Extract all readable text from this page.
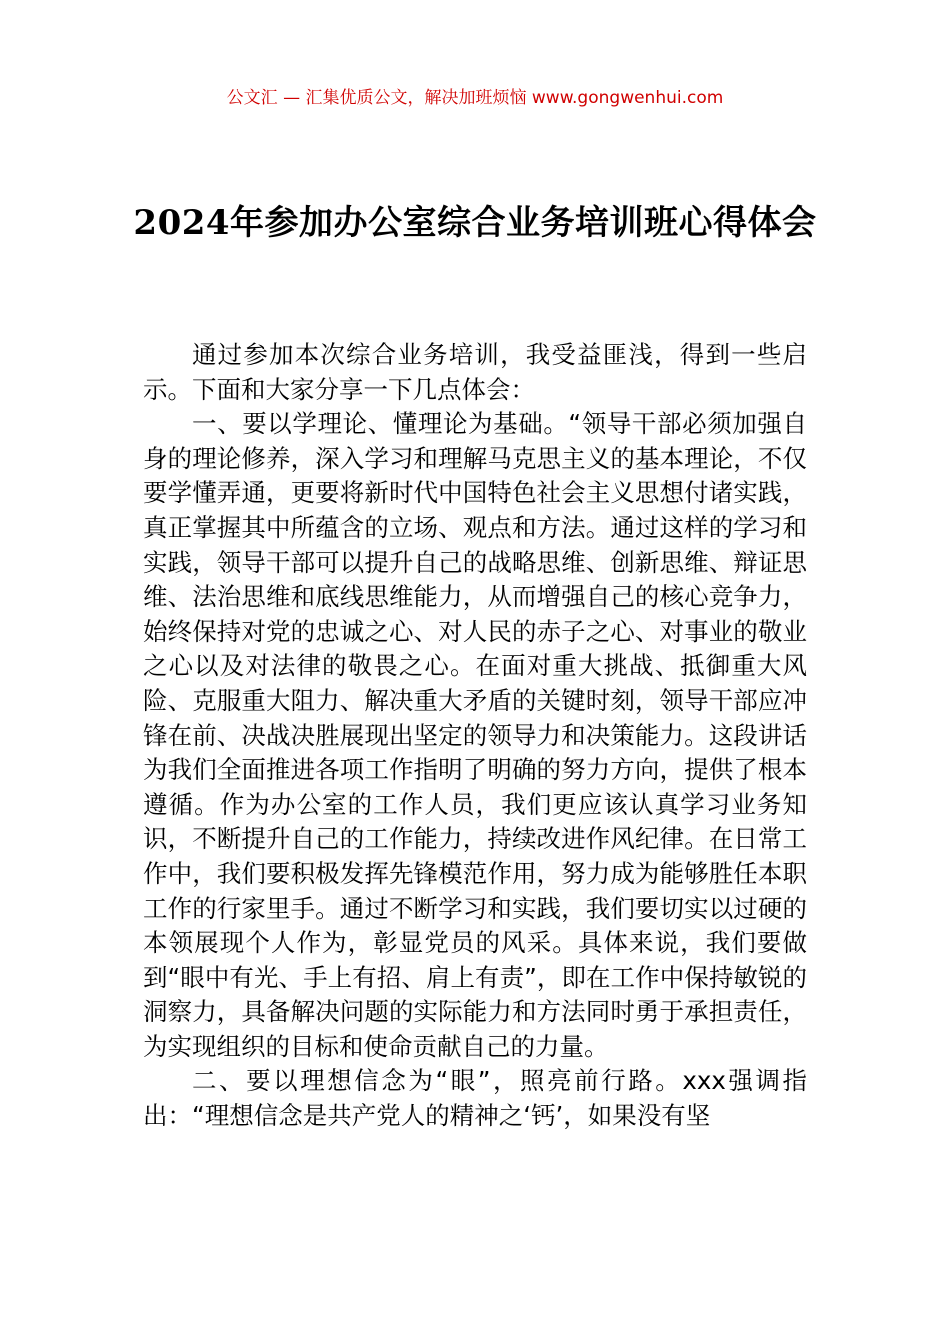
公文汇 — 汇集优质公文，解决加班烦恼 www.gongwenhui.com
2024年参加办公室综合业务培训班心得体会

通过参加本次综合业务培训，我受益匪浅，得到一些启示。下面和大家分享一下几点体会：

一、要以学理论、懂理论为基础。“领导干部必须加强自身的理论修养，深入学习和理解马克思主义的基本理论，不仅要学懂弄通，更要将新时代中国特色社会主义思想付诸实践，真正掌握其中所蕴含的立场、观点和方法。通过这样的学习和实践，领导干部可以提升自己的战略思维、创新思维、辩证思维、法治思维和底线思维能力，从而增强自己的核心竞争力，始终保持对党的忠诚之心、对人民的赤子之心、对事业的敬业之心以及对法律的敬畏之心。在面对重大挑战、抵御重大风险、克服重大阻力、解决重大矛盾的关键时刻，领导干部应冲锋在前、决战决胜展现出坚定的领导力和决策能力。这段讲话为我们全面推进各项工作指明了明确的努力方向，提供了根本遵循。作为办公室的工作人员，我们更应该认真学习业务知识，不断提升自己的工作能力，持续改进作风纪律。在日常工作中，我们要积极发挥先锋模范作用，努力成为能够胜任本职工作的行家里手。通过不断学习和实践，我们要切实以过硬的本领展现个人作为，彰显党员的风采。具体来说，我们要做到“眼中有光、手上有招、肩上有责”，即在工作中保持敏锐的洞察力，具备解决问题的实际能力和方法同时勇于承担责任，为实现组织的目标和使命贡献自己的力量。

二、要以理想信念为“眼”，照亮前行路。xxx强调指出：“理想信念是共产党人的精神之‘钙’，如果没有坚
